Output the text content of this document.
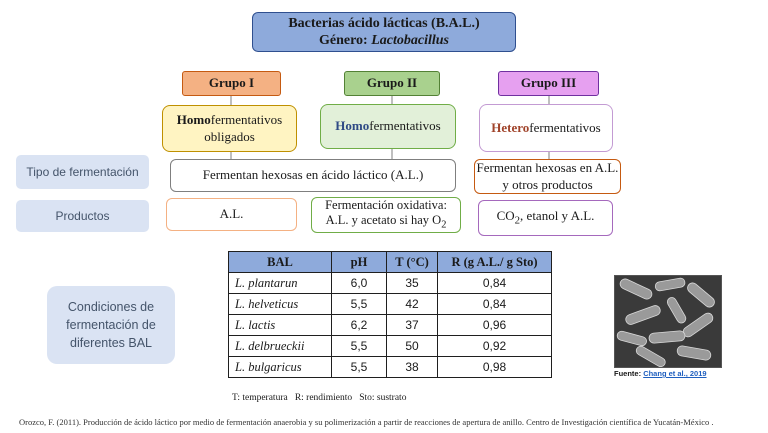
Bacterias ácido lácticas (B.A.L.)
Género: Lactobacillus
Grupo I	Grupo II	Grupo III
Homofermentativos obligados
Homofermentativos	Heterofermentativos
Tipo de fermentación
Productos
Condiciones de fermentación de diferentes BAL
Fermentan hexosas en ácido láctico (A.L.)	Fermentan hexosas en A.L. y otros productos
A.L.
Fermentación oxidativa:
A.L. y acetato si hay $O_2$
$CO_2$, etanol y A.L.
BAL	pH	T (°C)	R (g A.L./ g Sto)
L. plantarun	6,0	35	0,84
L. helveticus	5,5	42	0,84
L. lactis	6,2	37	0,96
L. delbrueckii	5,5	50	0,92
L. bulgaricus	5,5	38	0,98
T: temperatura   R: rendimiento   Sto: sustrato
Fuente: Chang et al., 2019
Orozco, F. (2011). Producción de ácido láctico por medio de fermentación anaerobia y su polimerización a partir de reacciones de apertura de anillo. Centro de Investigación científica de Yucatán-México .
